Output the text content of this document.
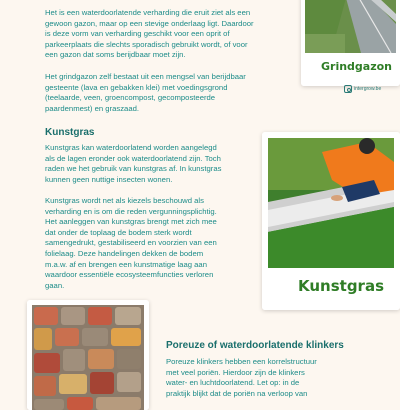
Het is een waterdoorlatende verharding die eruit ziet als een
gewoon gazon, maar op een stevige onderlaag ligt. Daardoor
is deze vorm van verharding geschikt voor een oprit of
parkeerplaats die slechts sporadisch gebruikt wordt, of voor
een gazon dat soms berijdbaar moet zijn.
Het grindgazon zelf bestaat uit een mengsel van berijdbaar
gesteente (lava en gebakken klei) met voedingsgrond
(teelaarde, veen, groencompost, gecomposteerde
paardenmest) en graszaad.
Grindgazon
intergrow.be
Kunstgras
Kunstgras kan waterdoorlatend worden aangelegd
als de lagen eronder ook waterdoorlatend zijn. Toch
raden we het gebruik van kunstgras af. In kunstgras
kunnen geen nuttige insecten wonen.
Kunstgras wordt net als kiezels beschouwd als
verharding en is om die reden vergunningsplichtig.
Het aanleggen van kunstgras brengt met zich mee
dat onder de toplaag de bodem sterk wordt
samengedrukt, gestabiliseerd en voorzien van een
folielaag. Deze handelingen dekken de bodem
m.a.w. af en brengen een kunstmatige laag aan
waardoor essentiële ecosysteemfuncties verloren
gaan.	Kunstgras
Poreuze of waterdoorlatende klinkers
Poreuze klinkers hebben een korrelstructuur
met veel poriën. Hierdoor zijn de klinkers
water- en luchtdoorlatend. Let op: in de
praktijk blijkt dat de poriën na verloop van
